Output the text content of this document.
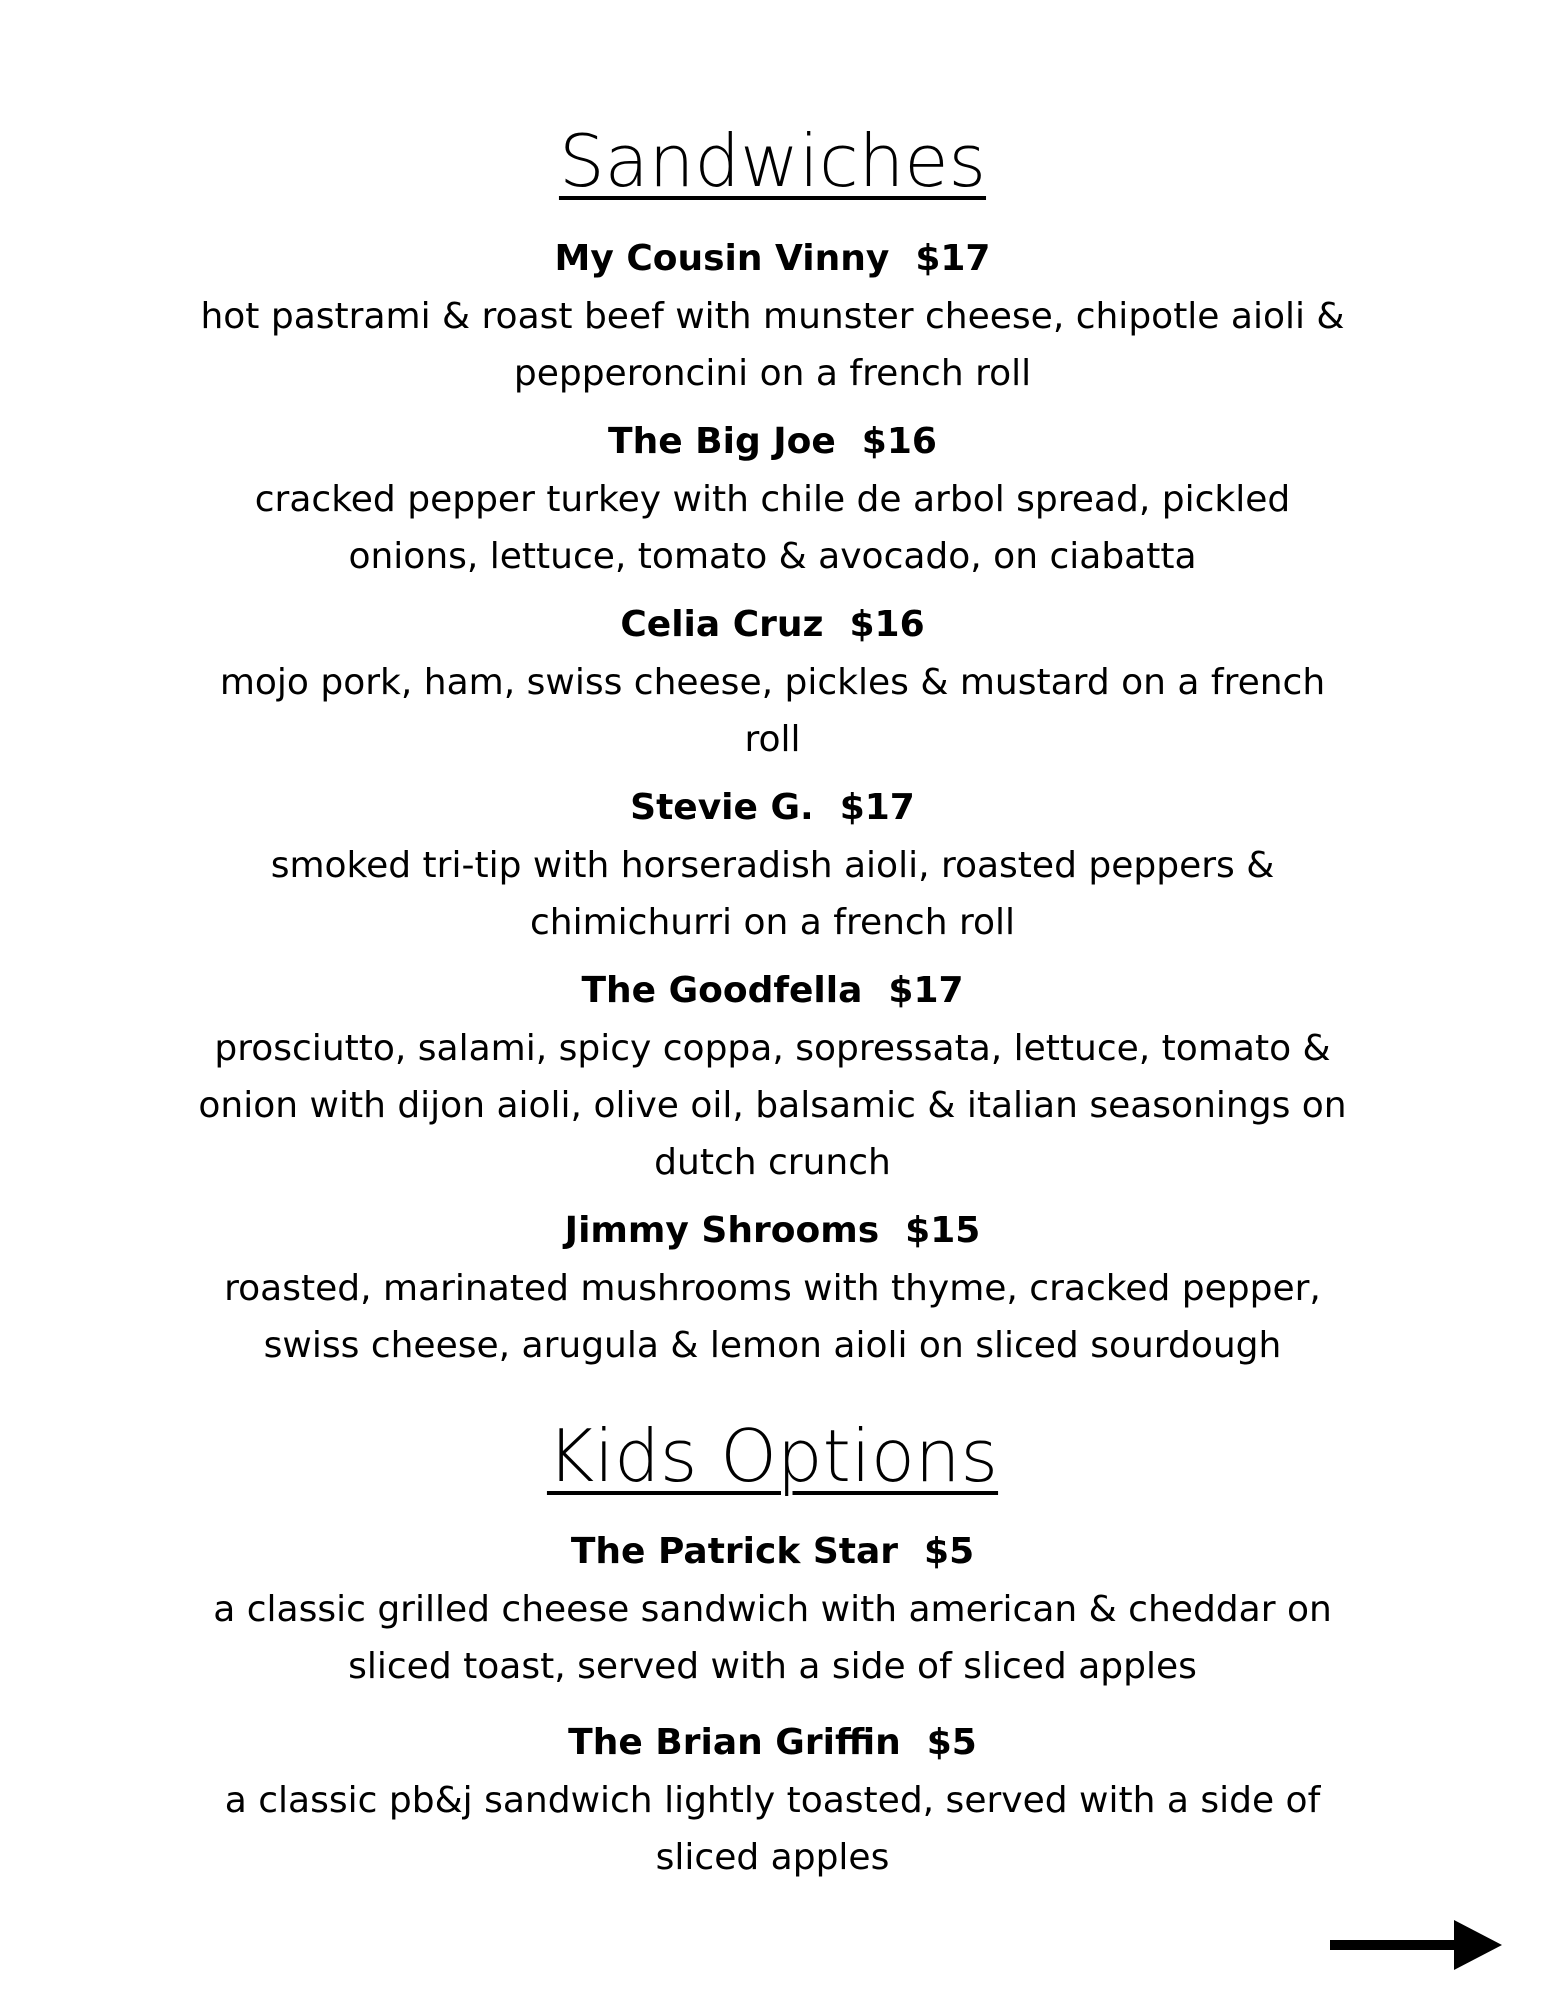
Sandwiches
My Cousin Vinny $17

hot pastrami & roast beef with munster cheese, chipotle aioli & pepperoncini on a french roll

The Big Joe $16

cracked pepper turkey with chile de arbol spread, pickled onions, lettuce, tomato & avocado, on ciabatta

Celia Cruz $16

mojo pork, ham, swiss cheese, pickles & mustard on a french roll

Stevie G. $17

smoked tri-tip with horseradish aioli, roasted peppers & chimichurri on a french roll

The Goodfella $17

prosciutto, salami, spicy coppa, sopressata, lettuce, tomato & onion with dijon aioli, olive oil, balsamic & italian seasonings on dutch crunch

Jimmy Shrooms $15

roasted, marinated mushrooms with thyme, cracked pepper, swiss cheese, arugula & lemon aioli on sliced sourdough

Kids Options
The Patrick Star $5

a classic grilled cheese sandwich with american & cheddar on sliced toast, served with a side of sliced apples

The Brian Griffin $5

a classic pb&j sandwich lightly toasted, served with a side of sliced apples
